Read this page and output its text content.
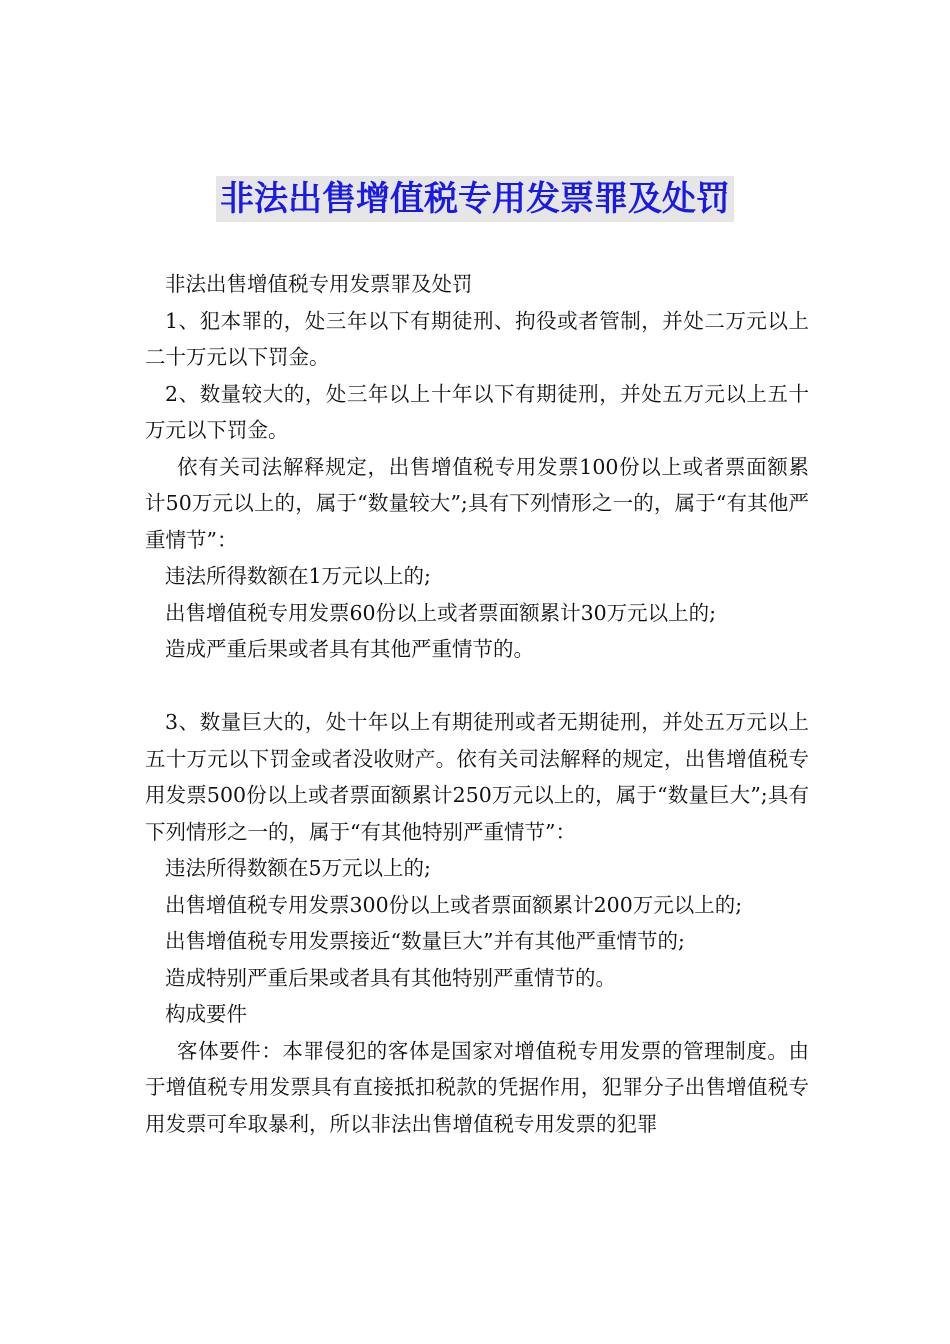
非法出售增值税专用发票罪及处罚

非法出售增值税专用发票罪及处罚

1、犯本罪的，处三年以下有期徒刑、拘役或者管制，并处二万元以上二十万元以下罚金。

2、数量较大的，处三年以上十年以下有期徒刑，并处五万元以上五十万元以下罚金。

依有关司法解释规定，出售增值税专用发票100份以上或者票面额累计50万元以上的，属于“数量较大”;具有下列情形之一的，属于“有其他严重情节”：

违法所得数额在1万元以上的;

出售增值税专用发票60份以上或者票面额累计30万元以上的;

造成严重后果或者具有其他严重情节的。

3、数量巨大的，处十年以上有期徒刑或者无期徒刑，并处五万元以上五十万元以下罚金或者没收财产。依有关司法解释的规定，出售增值税专用发票500份以上或者票面额累计250万元以上的，属于“数量巨大”;具有下列情形之一的，属于“有其他特别严重情节”：

违法所得数额在5万元以上的;

出售增值税专用发票300份以上或者票面额累计200万元以上的;

出售增值税专用发票接近“数量巨大”并有其他严重情节的;

造成特别严重后果或者具有其他特别严重情节的。

构成要件

客体要件：本罪侵犯的客体是国家对增值税专用发票的管理制度。由于增值税专用发票具有直接抵扣税款的凭据作用，犯罪分子出售增值税专用发票可牟取暴利，所以非法出售增值税专用发票的犯罪
